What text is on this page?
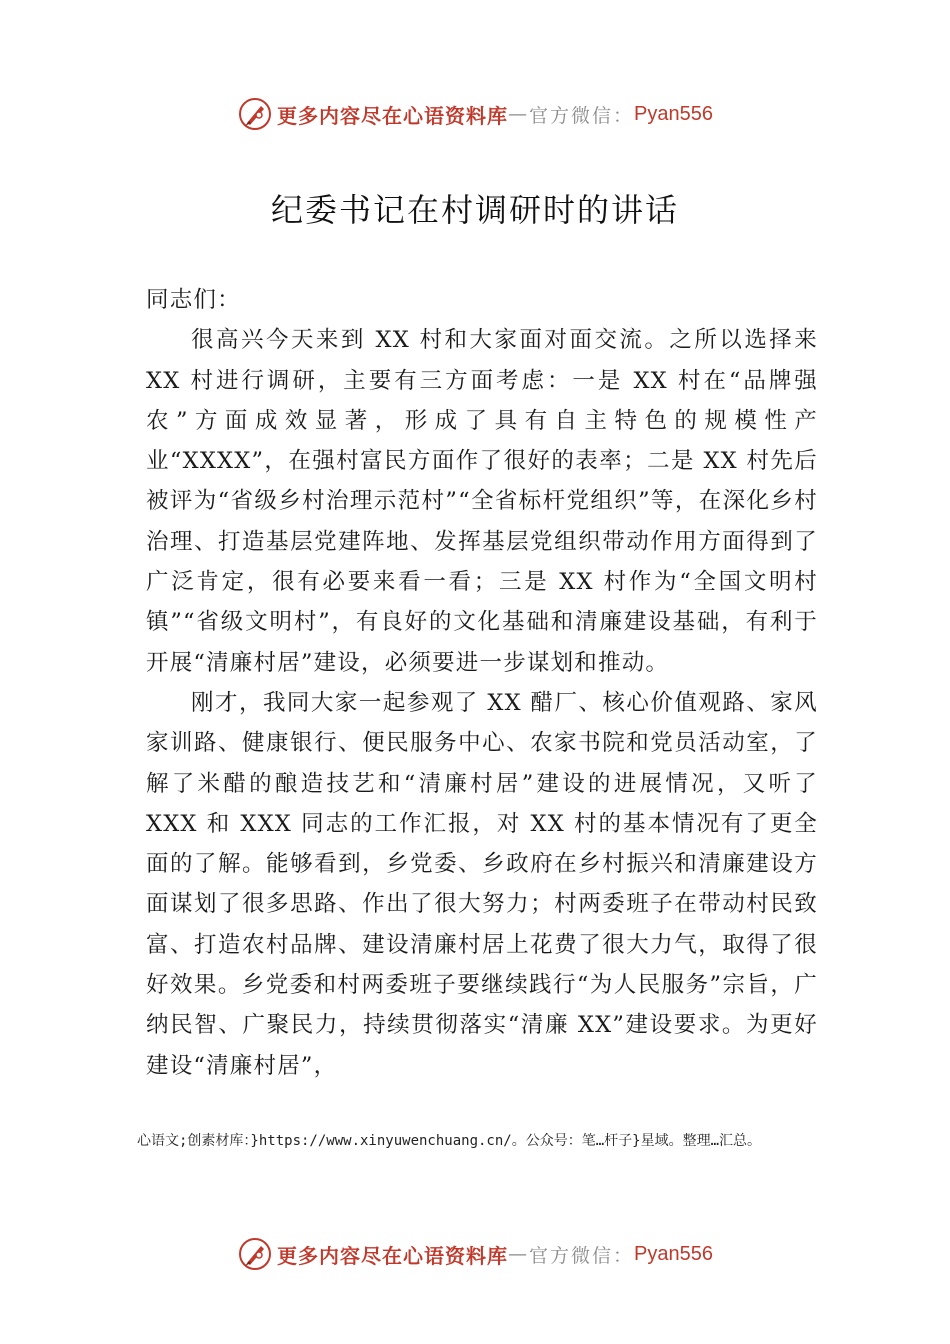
更多内容尽在心语资料库 — 官方微信： Pyan556
纪委书记在村调研时的讲话

同志们：

很高兴今天来到 XX 村和大家面对面交流。之所以选择来 XX 村进行调研，主要有三方面考虑：一是 XX 村在“品牌强农”方面成效显著，形成了具有自主特色的规模性产业“XXXX”，在强村富民方面作了很好的表率；二是 XX 村先后被评为“省级乡村治理示范村”“全省标杆党组织”等，在深化乡村治理、打造基层党建阵地、发挥基层党组织带动作用方面得到了广泛肯定，很有必要来看一看；三是 XX 村作为“全国文明村镇”“省级文明村”，有良好的文化基础和清廉建设基础，有利于开展“清廉村居”建设，必须要进一步谋划和推动。

刚才，我同大家一起参观了 XX 醋厂、核心价值观路、家风家训路、健康银行、便民服务中心、农家书院和党员活动室，了解了米醋的酿造技艺和“清廉村居”建设的进展情况，又听了 XXX 和 XXX 同志的工作汇报，对 XX 村的基本情况有了更全面的了解。能够看到，乡党委、乡政府在乡村振兴和清廉建设方面谋划了很多思路、作出了很大努力；村两委班子在带动村民致富、打造农村品牌、建设清廉村居上花费了很大力气，取得了很好效果。乡党委和村两委班子要继续践行“为人民服务”宗旨，广纳民智、广聚民力，持续贯彻落实“清廉 XX”建设要求。为更好建设“清廉村居”，

心语文;创素材库：}https://www.xinyuwenchuang.cn/。公众号：笔…杆子}星域。整理…汇总。
更多内容尽在心语资料库 — 官方微信： Pyan556
